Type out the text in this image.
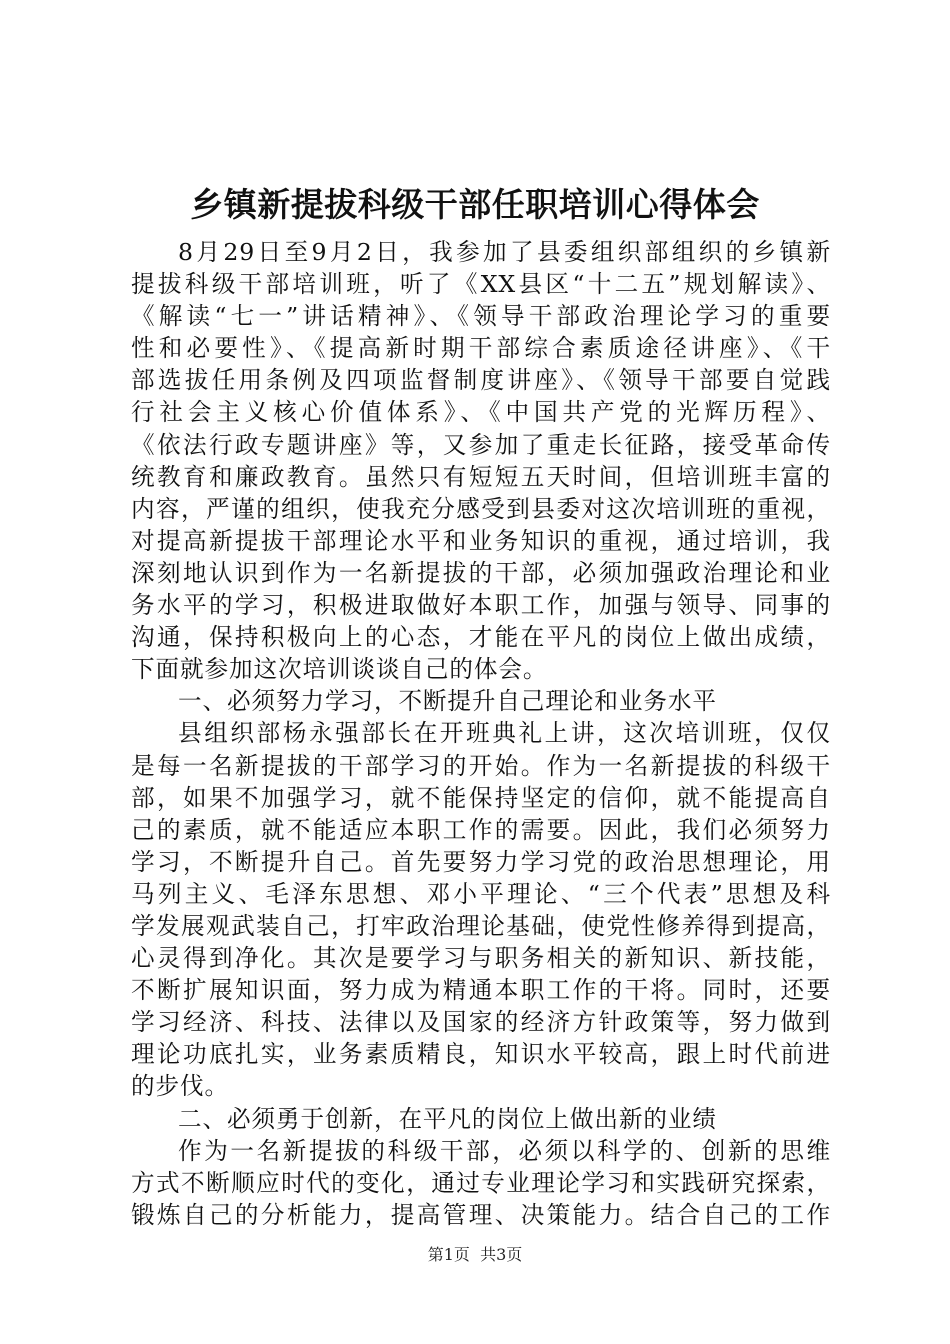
乡镇新提拔科级干部任职培训心得体会
8月29日至9月2日，我参加了县委组织部组织的乡镇新
提拔科级干部培训班，听了《XX县区“十二五”规划解读》、
《解读“七一”讲话精神》、《领导干部政治理论学习的重要
性和必要性》、《提高新时期干部综合素质途径讲座》、《干
部选拔任用条例及四项监督制度讲座》、《领导干部要自觉践
行社会主义核心价值体系》、《中国共产党的光辉历程》、
《依法行政专题讲座》等，又参加了重走长征路，接受革命传
统教育和廉政教育。虽然只有短短五天时间，但培训班丰富的
内容，严谨的组织，使我充分感受到县委对这次培训班的重视，
对提高新提拔干部理论水平和业务知识的重视，通过培训，我
深刻地认识到作为一名新提拔的干部，必须加强政治理论和业
务水平的学习，积极进取做好本职工作，加强与领导、同事的
沟通，保持积极向上的心态，才能在平凡的岗位上做出成绩，
下面就参加这次培训谈谈自己的体会。
一、必须努力学习，不断提升自己理论和业务水平
县组织部杨永强部长在开班典礼上讲，这次培训班，仅仅
是每一名新提拔的干部学习的开始。作为一名新提拔的科级干
部，如果不加强学习，就不能保持坚定的信仰，就不能提高自
己的素质，就不能适应本职工作的需要。因此，我们必须努力
学习，不断提升自己。首先要努力学习党的政治思想理论，用
马列主义、毛泽东思想、邓小平理论、“三个代表”思想及科
学发展观武装自己，打牢政治理论基础，使党性修养得到提高，
心灵得到净化。其次是要学习与职务相关的新知识、新技能，
不断扩展知识面，努力成为精通本职工作的干将。同时，还要
学习经济、科技、法律以及国家的经济方针政策等，努力做到
理论功底扎实，业务素质精良，知识水平较高，跟上时代前进
的步伐。
二、必须勇于创新，在平凡的岗位上做出新的业绩
作为一名新提拔的科级干部，必须以科学的、创新的思维
方式不断顺应时代的变化，通过专业理论学习和实践研究探索，
锻炼自己的分析能力，提高管理、决策能力。结合自己的工作
第1页  共3页
